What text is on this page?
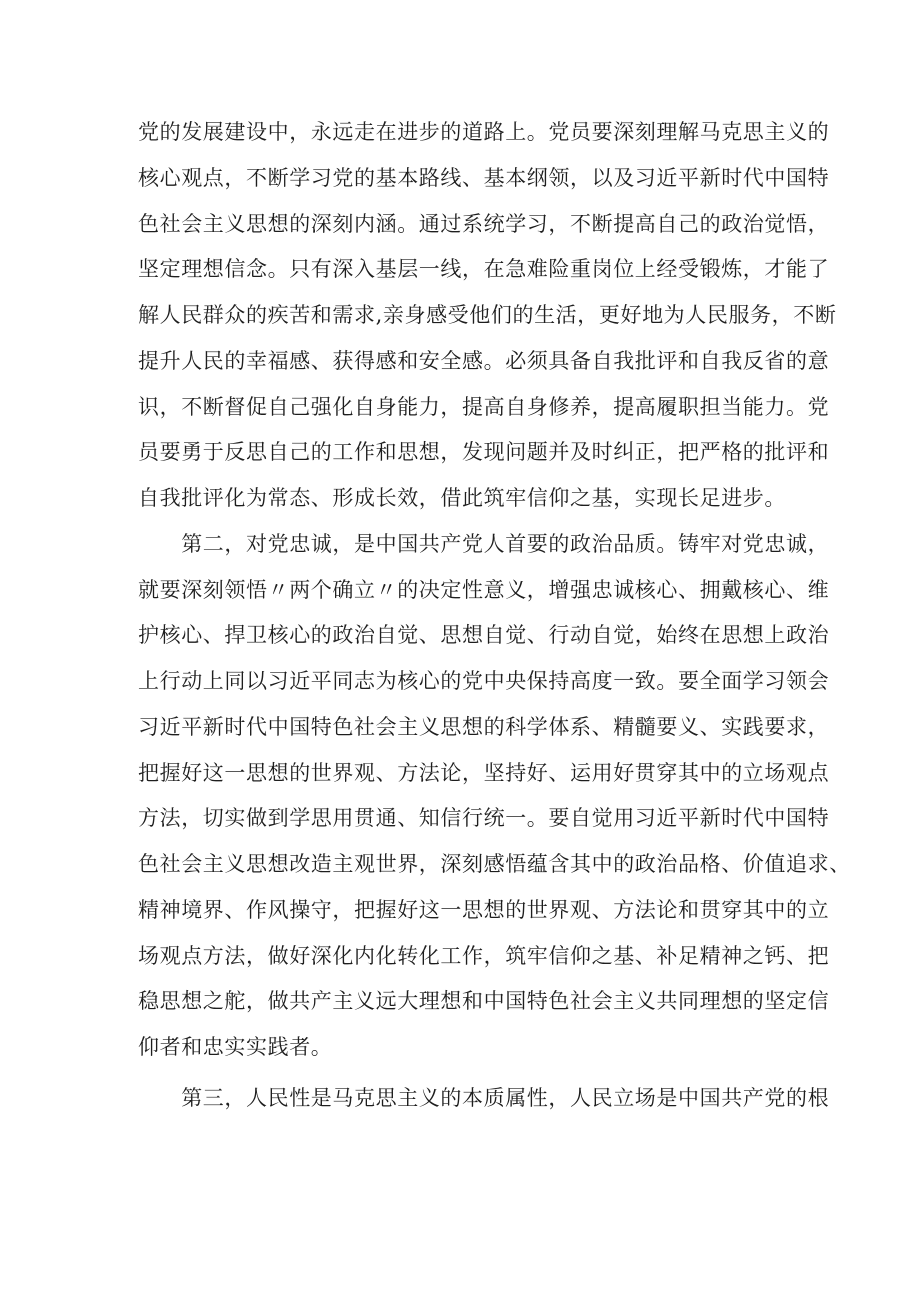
党的发展建设中，永远走在进步的道路上。党员要深刻理解马克思主义的
核心观点，不断学习党的基本路线、基本纲领，以及习近平新时代中国特
色社会主义思想的深刻内涵。通过系统学习，不断提高自己的政治觉悟，
坚定理想信念。只有深入基层一线，在急难险重岗位上经受锻炼，才能了
解人民群众的疾苦和需求,亲身感受他们的生活，更好地为人民服务，不断
提升人民的幸福感、获得感和安全感。必须具备自我批评和自我反省的意
识，不断督促自己强化自身能力，提高自身修养，提高履职担当能力。党
员要勇于反思自己的工作和思想，发现问题并及时纠正，把严格的批评和
自我批评化为常态、形成长效，借此筑牢信仰之基，实现长足进步。
　　第二，对党忠诚，是中国共产党人首要的政治品质。铸牢对党忠诚，
就要深刻领悟〃两个确立〃的决定性意义，增强忠诚核心、拥戴核心、维
护核心、捍卫核心的政治自觉、思想自觉、行动自觉，始终在思想上政治
上行动上同以习近平同志为核心的党中央保持高度一致。要全面学习领会
习近平新时代中国特色社会主义思想的科学体系、精髓要义、实践要求，
把握好这一思想的世界观、方法论，坚持好、运用好贯穿其中的立场观点
方法，切实做到学思用贯通、知信行统一。要自觉用习近平新时代中国特
色社会主义思想改造主观世界，深刻感悟蕴含其中的政治品格、价值追求、
精神境界、作风操守，把握好这一思想的世界观、方法论和贯穿其中的立
场观点方法，做好深化内化转化工作，筑牢信仰之基、补足精神之钙、把
稳思想之舵，做共产主义远大理想和中国特色社会主义共同理想的坚定信
仰者和忠实实践者。
　　第三，人民性是马克思主义的本质属性，人民立场是中国共产党的根
